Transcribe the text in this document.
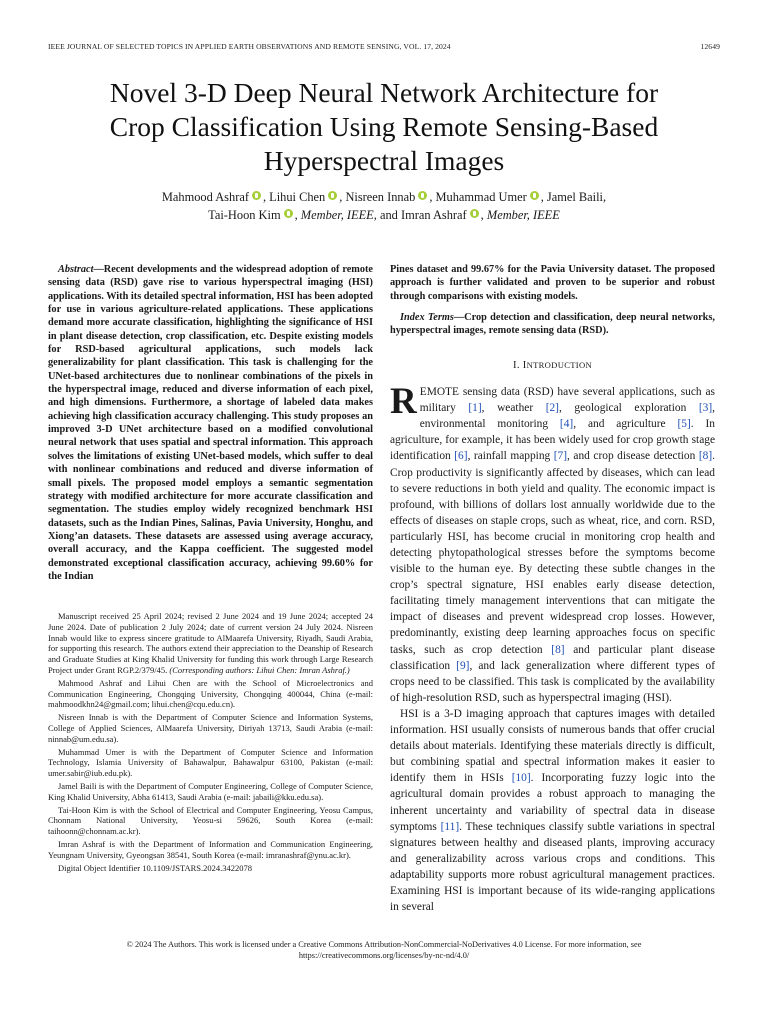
IEEE JOURNAL OF SELECTED TOPICS IN APPLIED EARTH OBSERVATIONS AND REMOTE SENSING, VOL. 17, 2024	12649
Novel 3-D Deep Neural Network Architecture for
Crop Classification Using Remote Sensing-Based
Hyperspectral Images
Mahmood Ashraf , Lihui Chen , Nisreen Innab , Muhammad Umer , Jamel Baili,
Tai-Hoon Kim , Member, IEEE, and Imran Ashraf , Member, IEEE

Abstract—Recent developments and the widespread adoption of remote sensing data (RSD) gave rise to various hyperspectral imaging (HSI) applications. With its detailed spectral information, HSI has been adopted for use in various agriculture-related applications. These applications demand more accurate classification, highlighting the significance of HSI in plant disease detection, crop classification, etc. Despite existing models for RSD-based agricultural applications, such models lack generalizability for plant classification. This task is challenging for the UNet-based architectures due to nonlinear combinations of the pixels in the hyperspectral image, reduced and diverse information of each pixel, and high dimensions. Furthermore, a shortage of labeled data makes achieving high classification accuracy challenging. This study proposes an improved 3-D UNet architecture based on a modified convolutional neural network that uses spatial and spectral information. This approach solves the limitations of existing UNet-based models, which suffer to deal with nonlinear combinations and reduced and diverse information of small pixels. The proposed model employs a semantic segmentation strategy with modified architecture for more accurate classification and segmentation. The studies employ widely recognized benchmark HSI datasets, such as the Indian Pines, Salinas, Pavia University, Honghu, and Xiong’an datasets. These datasets are assessed using average accuracy, overall accuracy, and the Kappa coefficient. The suggested model demonstrated exceptional classification accuracy, achieving 99.60% for the Indian

Manuscript received 25 April 2024; revised 2 June 2024 and 19 June 2024; accepted 24 June 2024. Date of publication 2 July 2024; date of current version 24 July 2024. Nisreen Innab would like to express sincere gratitude to AlMaarefa University, Riyadh, Saudi Arabia, for supporting this research. The authors extend their appreciation to the Deanship of Research and Graduate Studies at King Khalid University for funding this work through Large Research Project under Grant RGP.2/379/45. (Corresponding authors: Lihui Chen: Imran Ashraf.)

Mahmood Ashraf and Lihui Chen are with the School of Microelectronics and Communication Engineering, Chongqing University, Chongqing 400044, China (e-mail: mahmoodkhn24@gmail.com; lihui.chen@cqu.edu.cn).

Nisreen Innab is with the Department of Computer Science and Information Systems, College of Applied Sciences, AlMaarefa University, Diriyah 13713, Saudi Arabia (e-mail: ninnab@um.edu.sa).

Muhammad Umer is with the Department of Computer Science and Information Technology, Islamia University of Bahawalpur, Bahawalpur 63100, Pakistan (e-mail: umer.sabir@iub.edu.pk).

Jamel Baili is with the Department of Computer Engineering, College of Computer Science, King Khalid University, Abha 61413, Saudi Arabia (e-mail: jabaili@kku.edu.sa).

Tai-Hoon Kim is with the School of Electrical and Computer Engineering, Yeosu Campus, Chonnam National University, Yeosu-si 59626, South Korea (e-mail: taihoonn@chonnam.ac.kr).

Imran Ashraf is with the Department of Information and Communication Engineering, Yeungnam University, Gyeongsan 38541, South Korea (e-mail: imranashraf@ynu.ac.kr).

Digital Object Identifier 10.1109/JSTARS.2024.3422078

Pines dataset and 99.67% for the Pavia University dataset. The proposed approach is further validated and proven to be superior and robust through comparisons with existing models.

Index Terms—Crop detection and classification, deep neural networks, hyperspectral images, remote sensing data (RSD).

I. INTRODUCTION

REMOTE sensing data (RSD) have several applications, such as military [1], weather [2], geological exploration [3], environmental monitoring [4], and agriculture [5]. In agriculture, for example, it has been widely used for crop growth stage identification [6], rainfall mapping [7], and crop disease detection [8]. Crop productivity is significantly affected by diseases, which can lead to severe reductions in both yield and quality. The economic impact is profound, with billions of dollars lost annually worldwide due to the effects of diseases on staple crops, such as wheat, rice, and corn. RSD, particularly HSI, has become crucial in monitoring crop health and detecting phytopathological stresses before the symptoms become visible to the human eye. By detecting these subtle changes in the crop’s spectral signature, HSI enables early disease detection, facilitating timely management interventions that can mitigate the impact of diseases and prevent widespread crop losses. However, predominantly, existing deep learning approaches focus on specific tasks, such as crop detection [8] and particular plant disease classification [9], and lack generalization where different types of crops need to be classified. This task is complicated by the availability of high-resolution RSD, such as hyperspectral imaging (HSI).

HSI is a 3-D imaging approach that captures images with detailed information. HSI usually consists of numerous bands that offer crucial details about materials. Identifying these materials directly is difficult, but combining spatial and spectral information makes it easier to identify them in HSIs [10]. Incorporating fuzzy logic into the agricultural domain provides a robust approach to managing the inherent uncertainty and variability of spectral data in disease symptoms [11]. These techniques classify subtle variations in spectral signatures between healthy and diseased plants, improving accuracy and generalizability across various crops and conditions. This adaptability supports more robust agricultural management practices. Examining HSI is important because of its wide-ranging applications in several

© 2024 The Authors. This work is licensed under a Creative Commons Attribution-NonCommercial-NoDerivatives 4.0 License. For more information, see
https://creativecommons.org/licenses/by-nc-nd/4.0/
